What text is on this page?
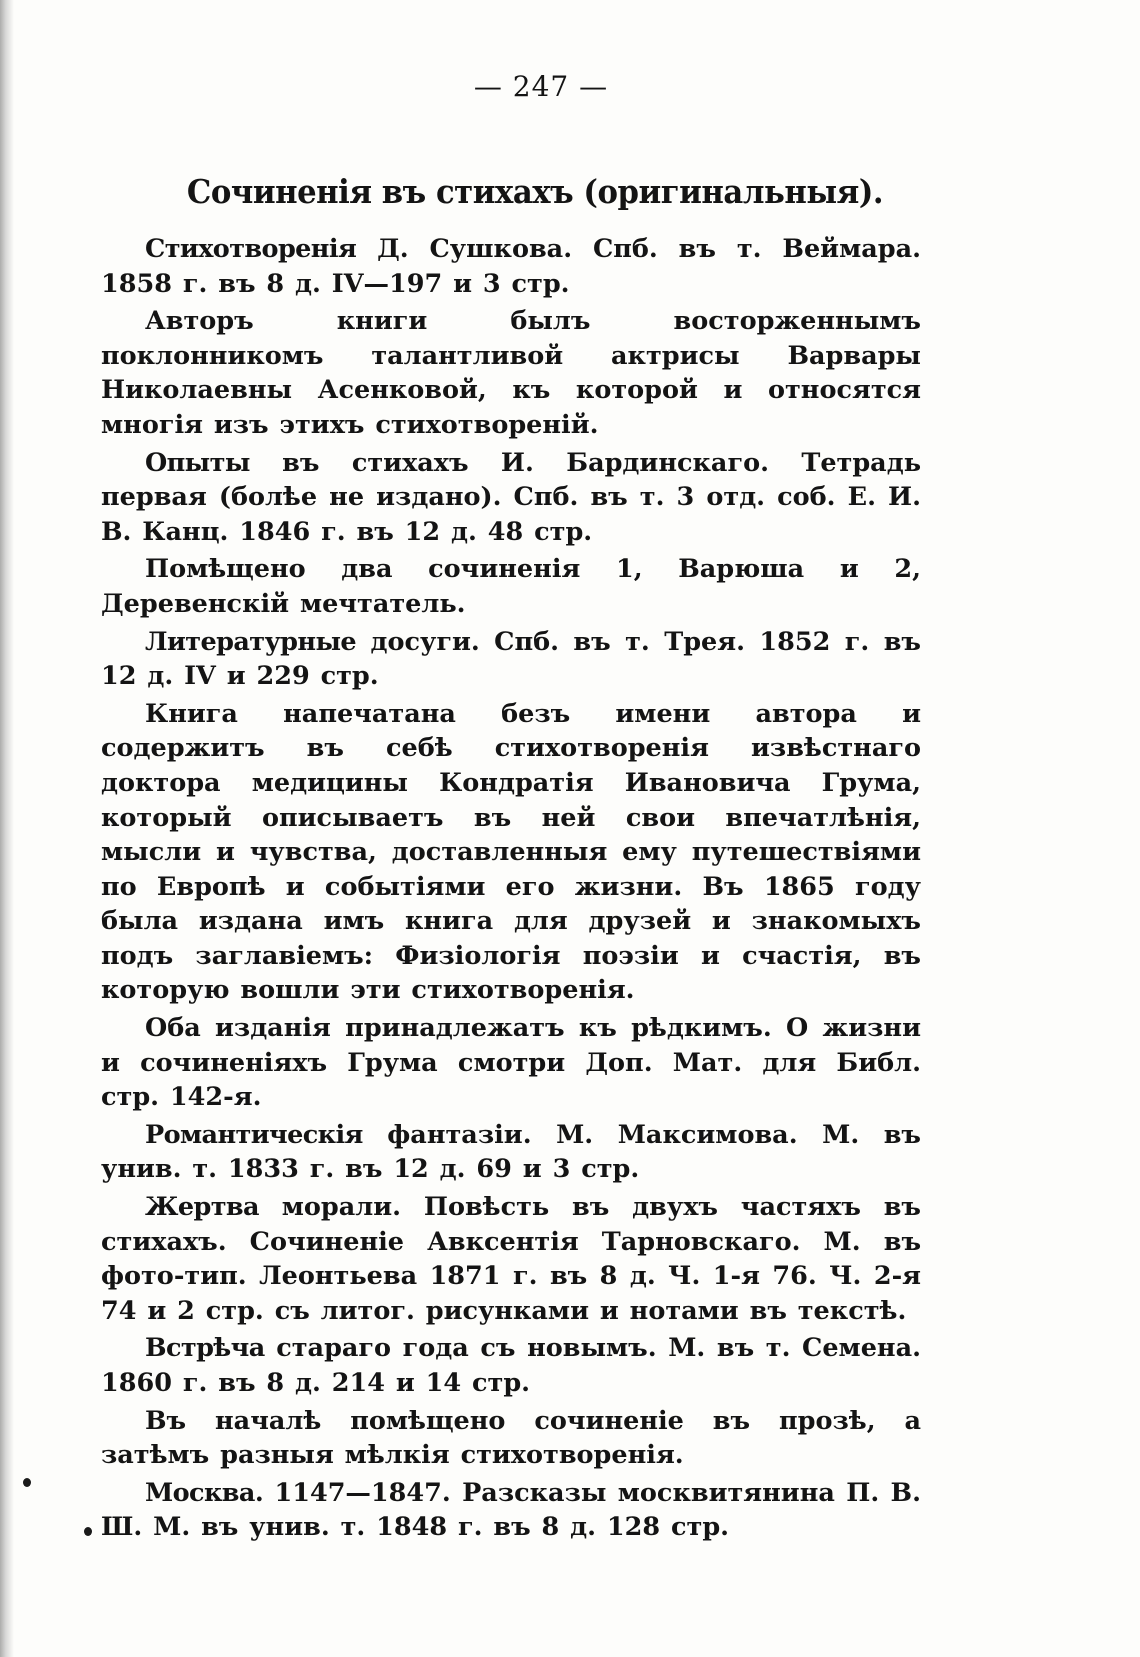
— 247 —
Сочиненія въ стихахъ (оригинальныя).

Стихотворенія Д. Сушкова. Спб. въ т. Веймара. 1858 г. въ 8 д. IV—197 и 3 стр.

Авторъ книги былъ восторженнымъ поклонникомъ талантливой актрисы Варвары Николаевны Асенковой, къ которой и относятся многія изъ этихъ стихотвореній.

Опыты въ стихахъ И. Бардинскаго. Тетрадь первая (болѣе не издано). Спб. въ т. 3 отд. соб. Е. И. В. Канц. 1846 г. въ 12 д. 48 стр.

Помѣщено два сочиненія 1, Варюша и 2, Деревенскій мечтатель.

Литературные досуги. Спб. въ т. Трея. 1852 г. въ 12 д. IV и 229 стр.

Книга напечатана безъ имени автора и содержитъ въ себѣ стихотворенія извѣстнаго доктора медицины Кондратія Ивановича Грума, который описываетъ въ ней свои впечатлѣнія, мысли и чувства, доставленныя ему путешествіями по Европѣ и событіями его жизни. Въ 1865 году была издана имъ книга для друзей и знакомыхъ подъ заглавіемъ: Физіологія поэзіи и счастія, въ которую вошли эти стихотворенія.

Оба изданія принадлежатъ къ рѣдкимъ. О жизни и сочиненіяхъ Грума смотри Доп. Мат. для Библ. стр. 142-я.

Романтическія фантазіи. М. Максимова. М. въ унив. т. 1833 г. въ 12 д. 69 и 3 стр.

Жертва морали. Повѣсть въ двухъ частяхъ въ стихахъ. Сочиненіе Авксентія Тарновскаго. М. въ фото-тип. Леонтьева 1871 г. въ 8 д. Ч. 1-я 76. Ч. 2-я 74 и 2 стр. съ литог. рисунками и нотами въ текстѣ.

Встрѣча стараго года съ новымъ. М. въ т. Семена. 1860 г. въ 8 д. 214 и 14 стр.

Въ началѣ помѣщено сочиненіе въ прозѣ, а затѣмъ разныя мѣлкія стихотворенія.

Москва. 1147—1847. Разсказы москвитянина П. В. Ш. М. въ унив. т. 1848 г. въ 8 д. 128 стр.
